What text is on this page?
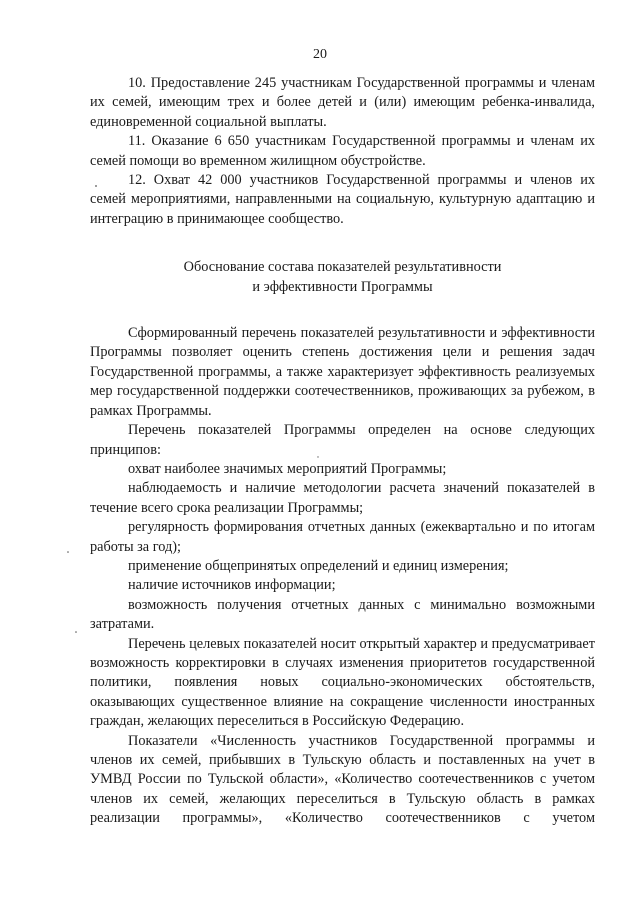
20

10. Предоставление 245 участникам Государственной программы и членам их семей, имеющим трех и более детей и (или) имеющим ребенка-инвалида, единовременной социальной выплаты.

11. Оказание 6 650 участникам Государственной программы и членам их семей помощи во временном жилищном обустройстве.

12. Охват 42 000 участников Государственной программы и членов их семей мероприятиями, направленными на социальную, культурную адаптацию и интеграцию в принимающее сообщество.

Обоснование состава показателей результативности
и эффективности Программы

Сформированный перечень показателей результативности и эффективности Программы позволяет оценить степень достижения цели и решения задач Государственной программы, а также характеризует эффективность реализуемых мер государственной поддержки соотечественников, проживающих за рубежом, в рамках Программы.

Перечень показателей Программы определен на основе следующих принципов:

охват наиболее значимых мероприятий Программы;

наблюдаемость и наличие методологии расчета значений показателей в течение всего срока реализации Программы;

регулярность формирования отчетных данных (ежеквартально и по итогам работы за год);

применение общепринятых определений и единиц измерения;

наличие источников информации;

возможность получения отчетных данных с минимально возможными затратами.

Перечень целевых показателей носит открытый характер и предусматривает возможность корректировки в случаях изменения приоритетов государственной политики, появления новых социально-экономических обстоятельств, оказывающих существенное влияние на сокращение численности иностранных граждан, желающих переселиться в Российскую Федерацию.

Показатели «Численность участников Государственной программы и членов их семей, прибывших в Тульскую область и поставленных на учет в УМВД России по Тульской области», «Количество соотечественников с учетом членов их семей, желающих переселиться в Тульскую область в рамках реализации программы», «Количество соотечественников с учетом
